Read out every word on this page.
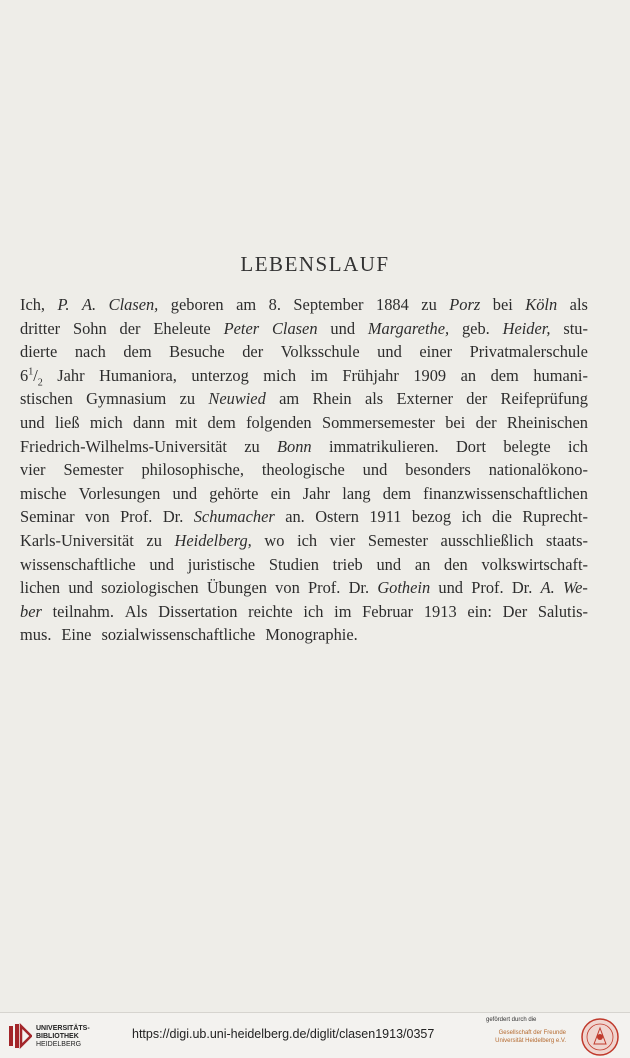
LEBENSLAUF
Ich, P. A. Clasen, geboren am 8. September 1884 zu Porz bei Köln als
dritter Sohn der Eheleute Peter Clasen und Margarethe, geb. Heider, stu-
dierte nach dem Besuche der Volksschule und einer Privatmalerschule
$6^1/_2$ Jahr Humaniora, unterzog mich im Frühjahr 1909 an dem humani-
stischen Gymnasium zu Neuwied am Rhein als Externer der Reifeprüfung
und ließ mich dann mit dem folgenden Sommersemester bei der Rheinischen
Friedrich-Wilhelms-Universität zu Bonn immatrikulieren. Dort belegte ich
vier Semester philosophische, theologische und besonders nationalökono-
mische Vorlesungen und gehörte ein Jahr lang dem finanzwissenschaftlichen
Seminar von Prof. Dr. Schumacher an. Ostern 1911 bezog ich die Ruprecht-
Karls-Universität zu Heidelberg, wo ich vier Semester ausschließlich staats-
wissenschaftliche und juristische Studien trieb und an den volkswirtschaft-
lichen und soziologischen Übungen von Prof. Dr. Gothein und Prof. Dr. A. We-
ber teilnahm. Als Dissertation reichte ich im Februar 1913 ein: Der Salutis-
mus. Eine sozialwissenschaftliche Monographie.
UNIVERSITÄTS-
BIBLIOTHEK
HEIDELBERG
https://digi.ub.uni-heidelberg.de/diglit/clasen1913/0357
gefördert durch die
Gesellschaft der Freunde
Universität Heidelberg e.V.
